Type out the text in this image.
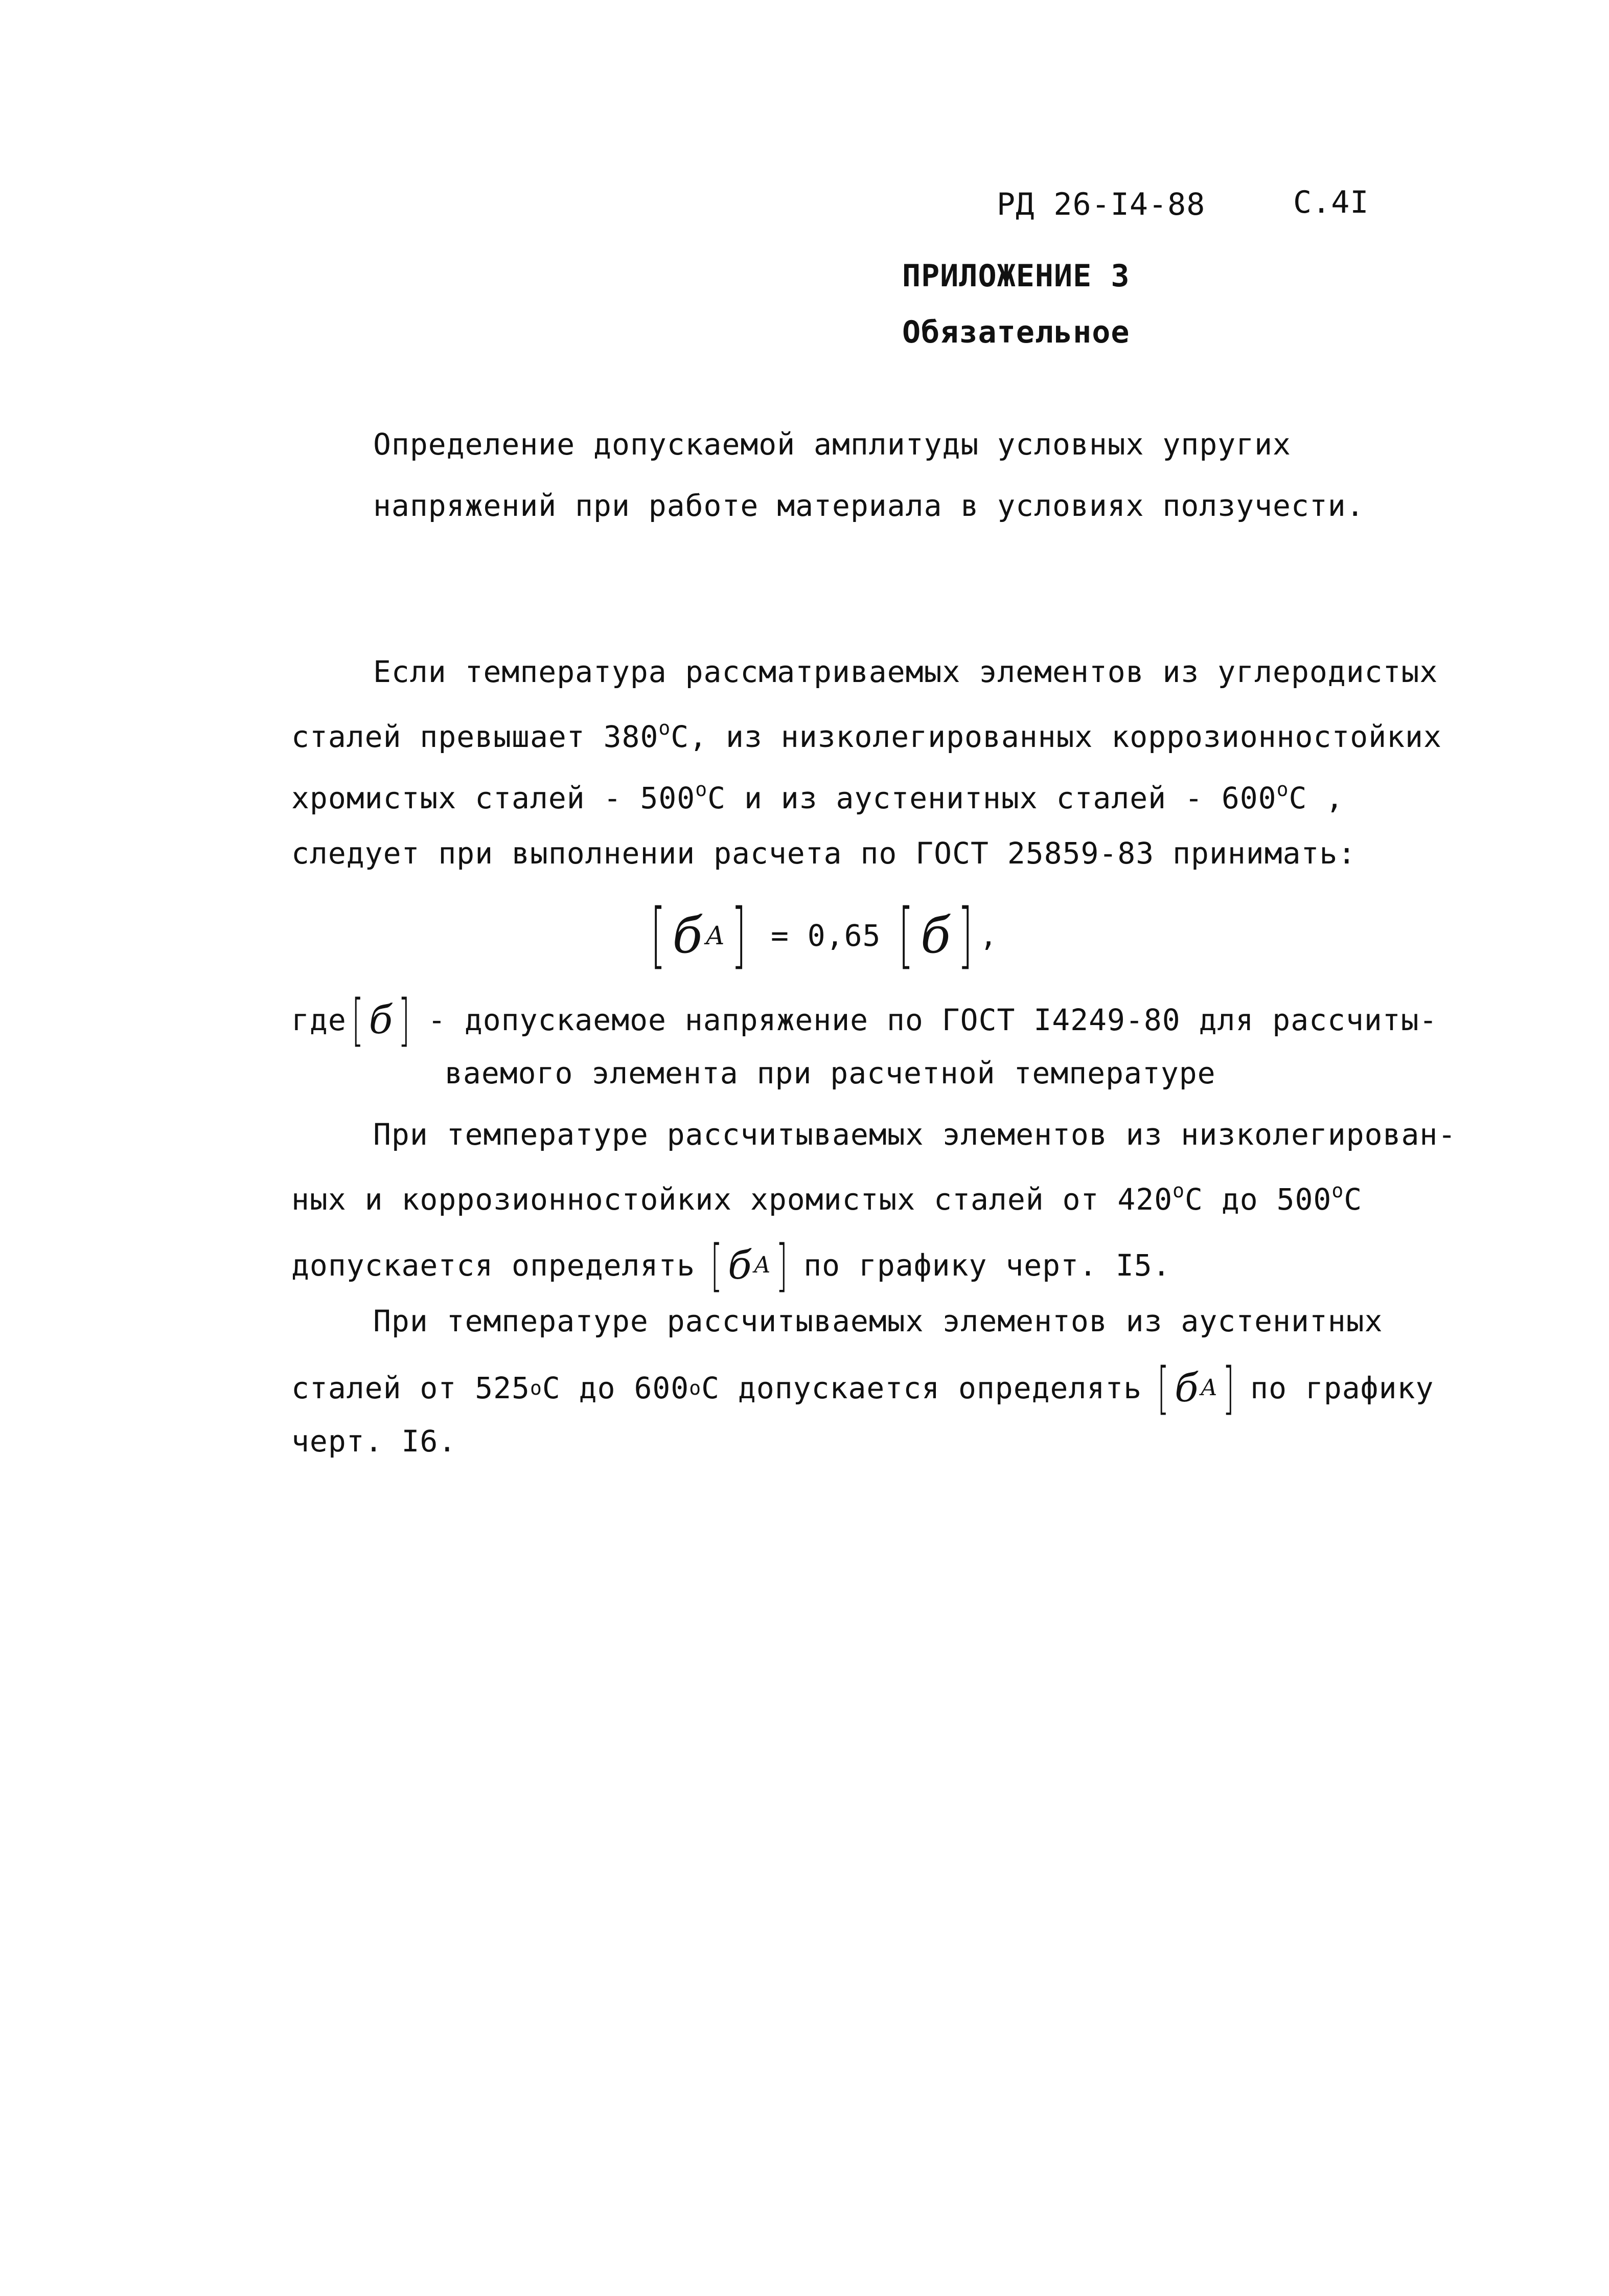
РД 26-I4-88	С.4I
ПРИЛОЖЕНИЕ 3
Обязательное
Определение допускаемой амплитуды условных упругих
напряжений при работе материала в условиях ползучести.
Если температура рассматриваемых элементов из углеродистых
сталей превышает 380$^o$С, из низколегированных коррозионностойких
хромистых сталей - 500$^o$С и из аустенитных сталей - 600$^o$С ,
следует при выполнении расчета по ГОСТ 25859-83 принимать:
[ б A ] = 0,65 [ б ] ,
где [ б ] - допускаемое напряжение по ГОСТ I4249-80 для рассчиты-
ваемого элемента при расчетной температуре
При температуре рассчитываемых элементов из низколегирован-
ных и коррозионностойких хромистых сталей от 420$^o$С до 500$^o$С
допускается определять [ б A ] по графику черт. I5.
При температуре рассчитываемых элементов из аустенитных
сталей от 525 o С до 600 o С допускается определять [ б A ] по графику
черт. I6.
